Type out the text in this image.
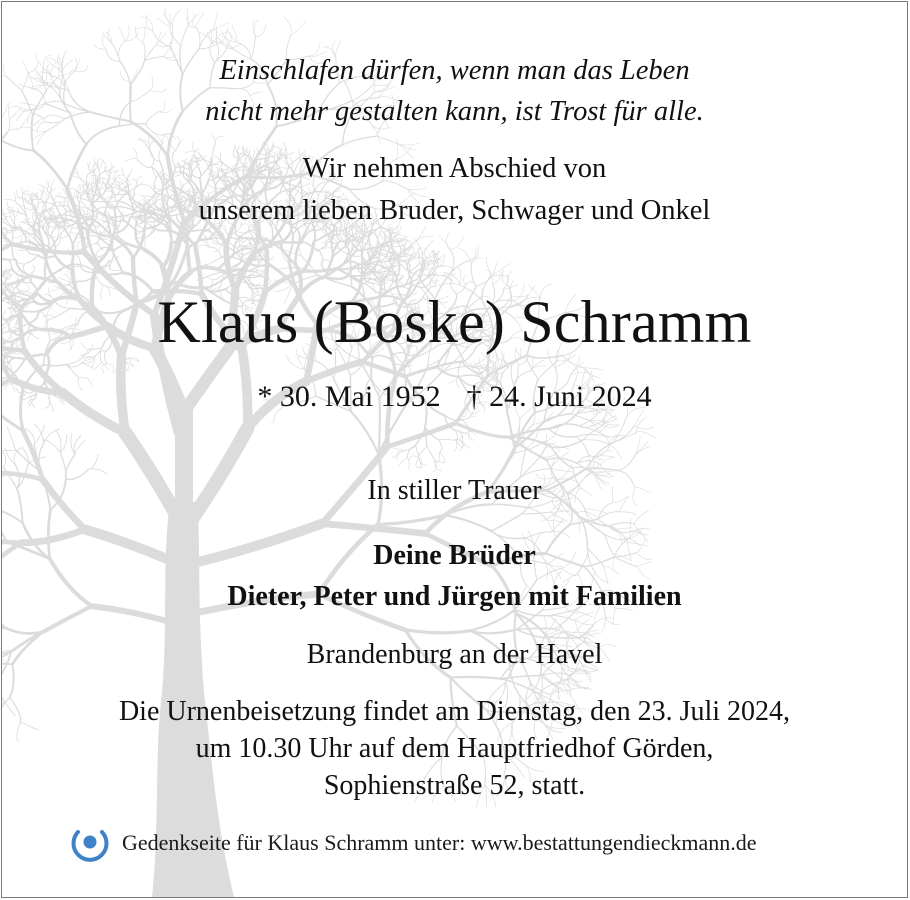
Einschlafen dürfen, wenn man das Leben
nicht mehr gestalten kann, ist Trost für alle.
Wir nehmen Abschied von
unserem lieben Bruder, Schwager und Onkel
Klaus (Boske) Schramm
* 30. Mai 1952 † 24. Juni 2024
In stiller Trauer
Deine Brüder
Dieter, Peter und Jürgen mit Familien
Brandenburg an der Havel
Die Urnenbeisetzung findet am Dienstag, den 23. Juli 2024,
um 10.30 Uhr auf dem Hauptfriedhof Görden,
Sophienstraße 52, statt.
Gedenkseite für Klaus Schramm unter: www.bestattungendieckmann.de
